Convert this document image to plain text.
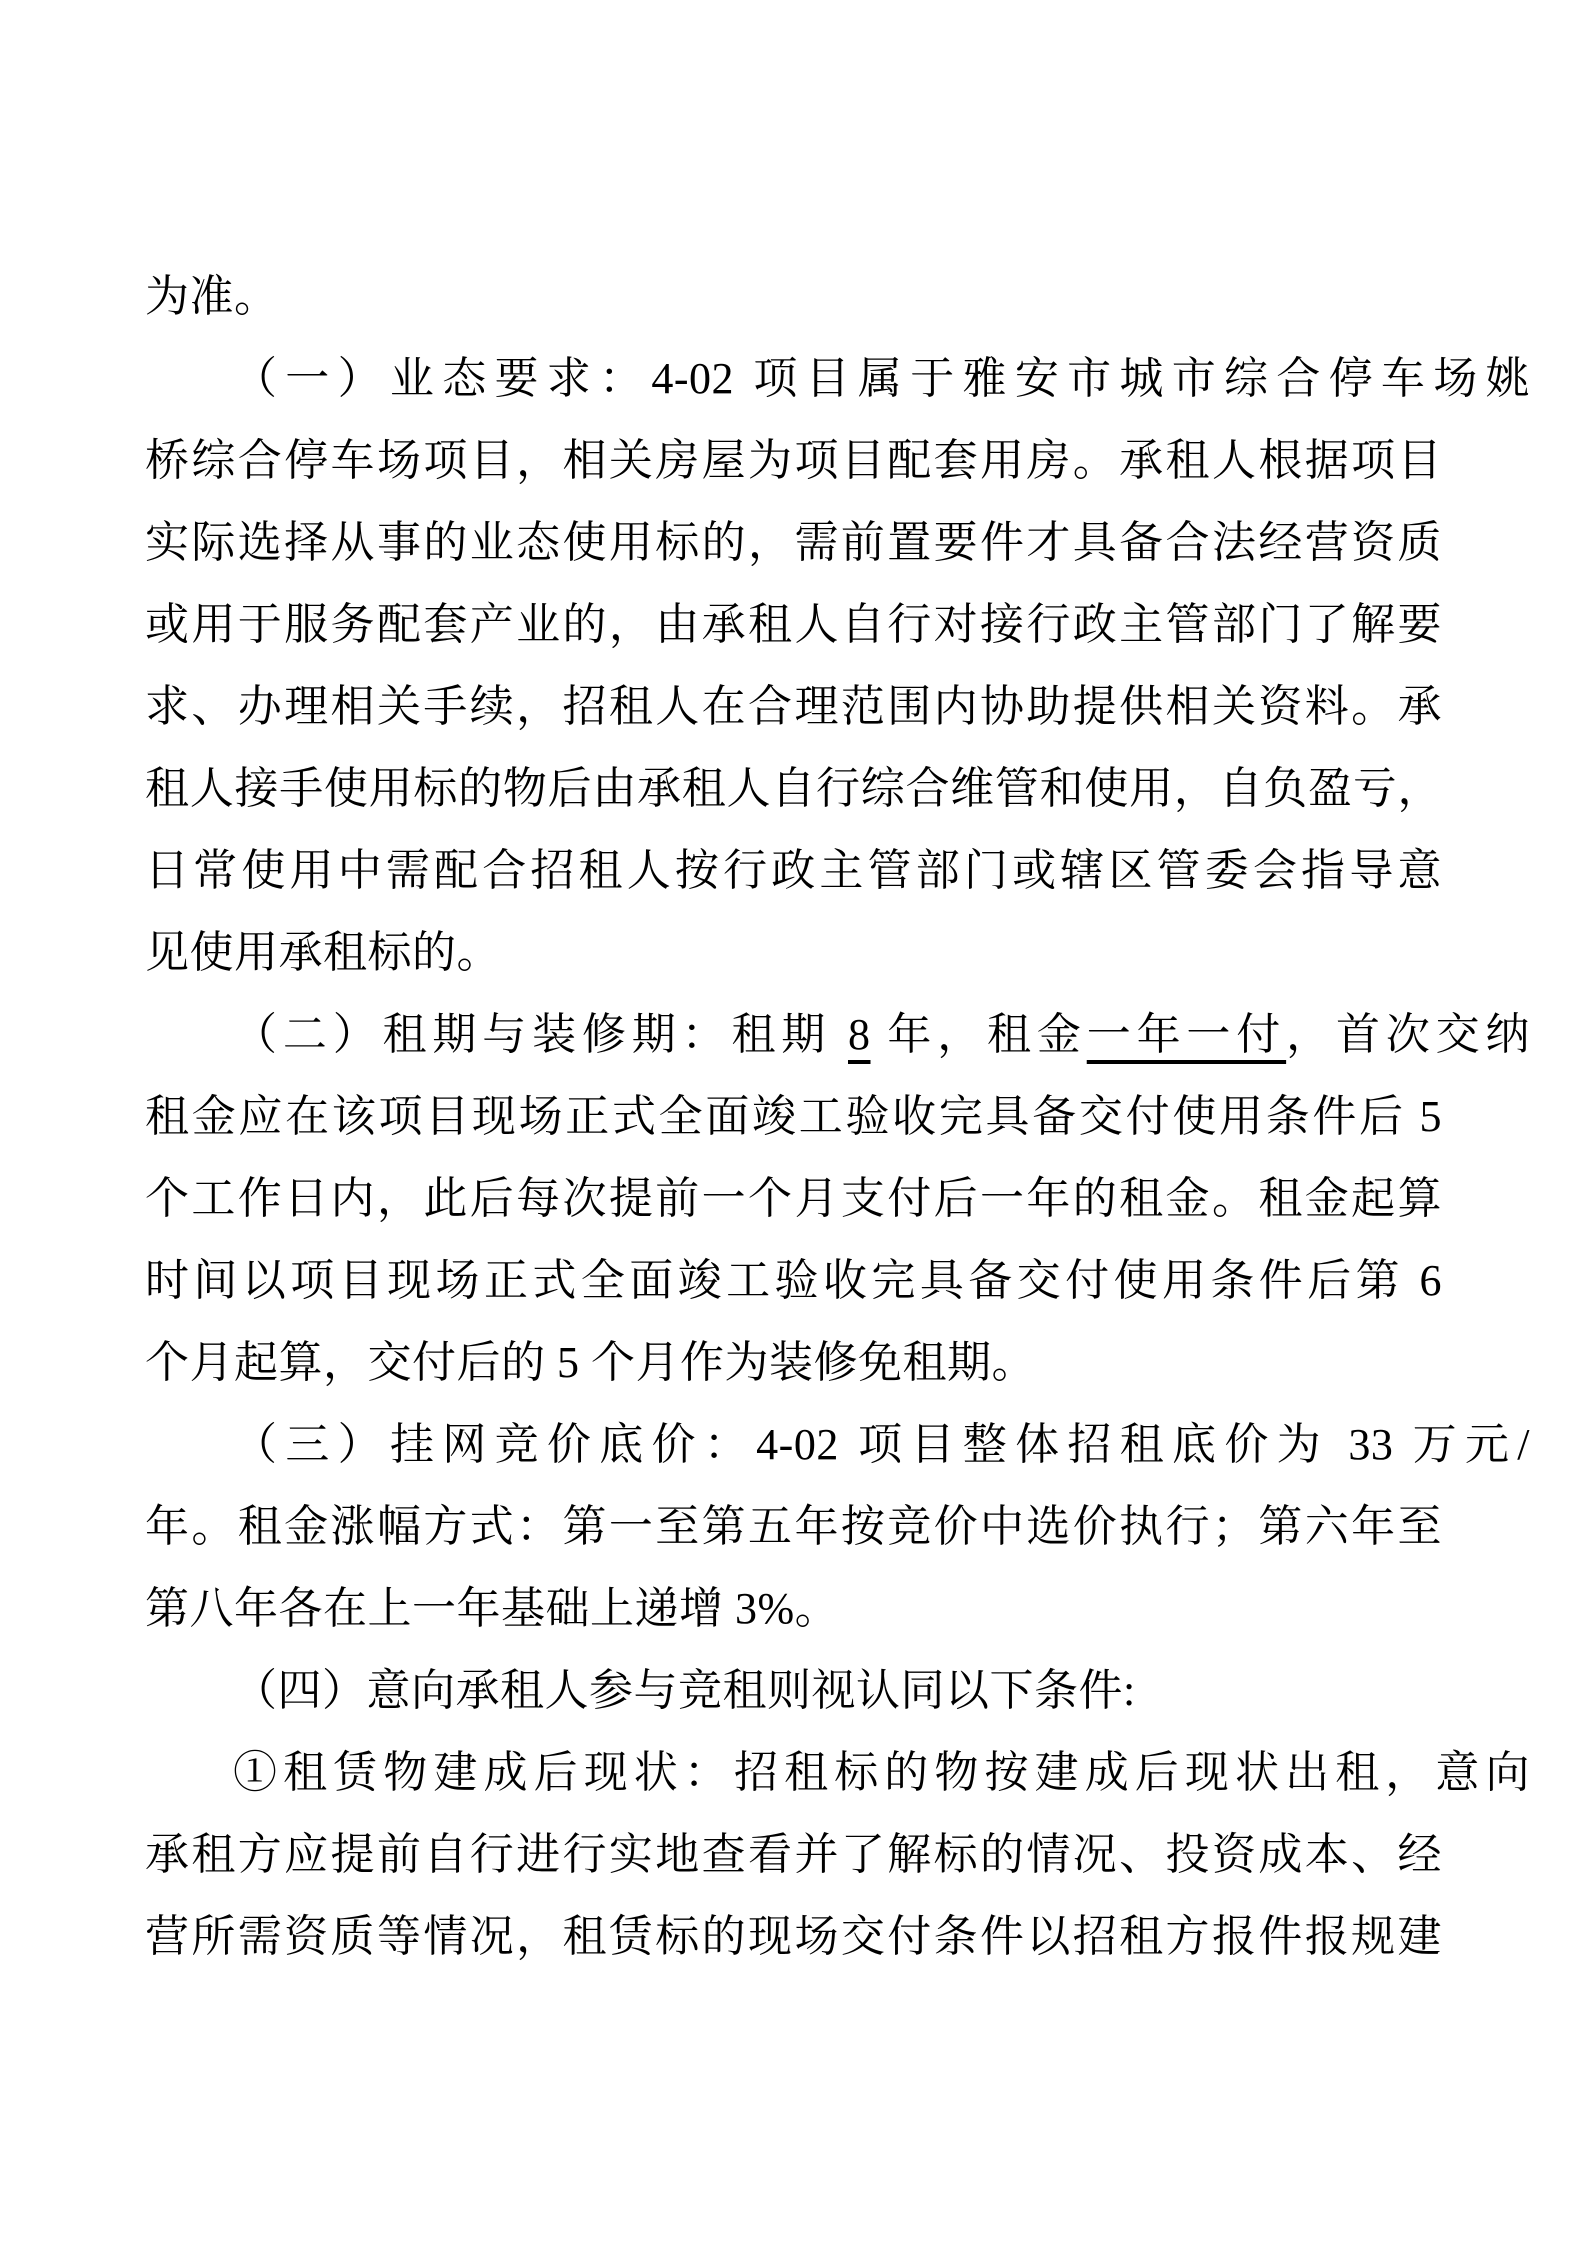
为准。
（一）业态要求：4-02 项目属于雅安市城市综合停车场姚
桥综合停车场项目，相关房屋为项目配套用房。承租人根据项目
实际选择从事的业态使用标的，需前置要件才具备合法经营资质
或用于服务配套产业的，由承租人自行对接行政主管部门了解要
求、办理相关手续，招租人在合理范围内协助提供相关资料。承
租人接手使用标的物后由承租人自行综合维管和使用，自负盈亏，
日常使用中需配合招租人按行政主管部门或辖区管委会指导意
见使用承租标的。
（二）租期与装修期：租期 8 年，租金一年一付，首次交纳
租金应在该项目现场正式全面竣工验收完具备交付使用条件后 5
个工作日内，此后每次提前一个月支付后一年的租金。租金起算
时间以项目现场正式全面竣工验收完具备交付使用条件后第 6
个月起算，交付后的 5 个月作为装修免租期。
（三）挂网竞价底价：4-02 项目整体招租底价为 33 万元/
年。租金涨幅方式：第一至第五年按竞价中选价执行；第六年至
第八年各在上一年基础上递增 3%。
（四）意向承租人参与竞租则视认同以下条件:
①租赁物建成后现状：招租标的物按建成后现状出租，意向
承租方应提前自行进行实地查看并了解标的情况、投资成本、经
营所需资质等情况，租赁标的现场交付条件以招租方报件报规建
